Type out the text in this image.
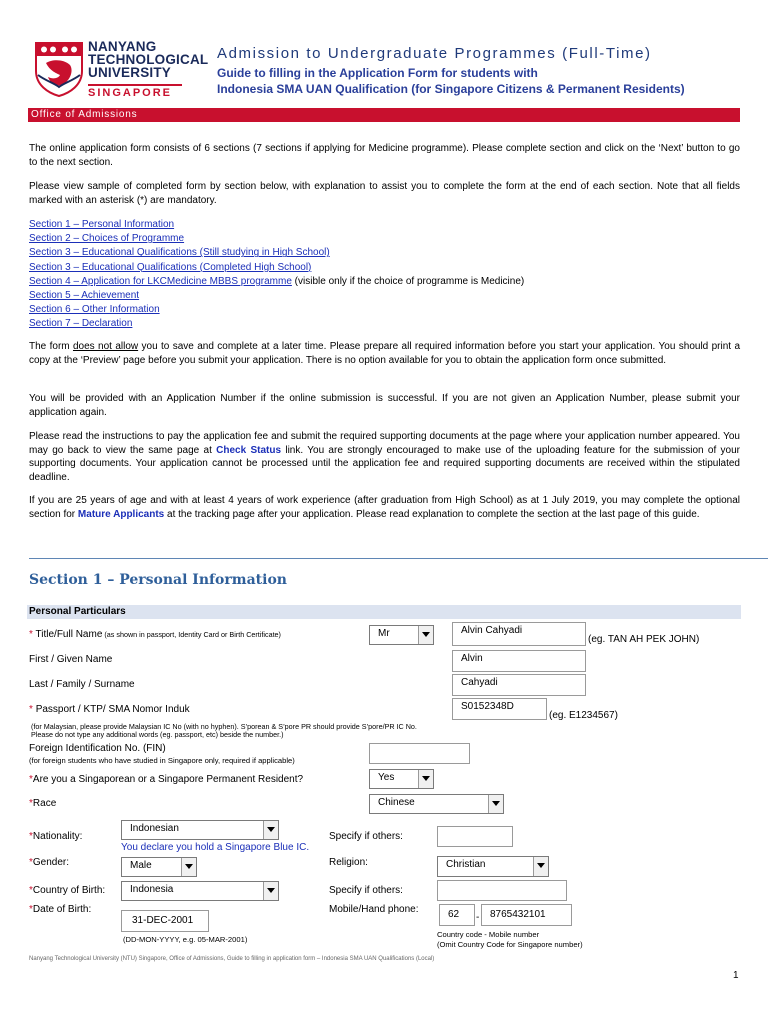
NANYANG
TECHNOLOGICAL
UNIVERSITY
SINGAPORE
Admission to Undergraduate Programmes (Full-Time)
Guide to filling in the Application Form for students with
Indonesia SMA UAN Qualification (for Singapore Citizens & Permanent Residents)
Office of Admissions
The online application form consists of 6 sections (7 sections if applying for Medicine programme). Please complete section and click on the ‘Next’ button to go to the next section.
Please view sample of completed form by section below, with explanation to assist you to complete the form at the end of each section. Note that all fields marked with an asterisk (*) are mandatory.
Section 1 – Personal Information
Section 2 – Choices of Programme
Section 3 – Educational Qualifications (Still studying in High School)
Section 3 – Educational Qualifications (Completed High School)
Section 4 – Application for LKCMedicine MBBS programme (visible only if the choice of programme is Medicine)
Section 5 – Achievement
Section 6 – Other Information
Section 7 – Declaration
The form does not allow you to save and complete at a later time. Please prepare all required information before you start your application. You should print a copy at the ‘Preview’ page before you submit your application. There is no option available for you to obtain the application form once submitted.
You will be provided with an Application Number if the online submission is successful. If you are not given an Application Number, please submit your application again.
Please read the instructions to pay the application fee and submit the required supporting documents at the page where your application number appeared. You may go back to view the same page at Check Status link. You are strongly encouraged to make use of the uploading feature for the submission of your supporting documents. Your application cannot be processed until the application fee and required supporting documents are received within the stipulated deadline.
If you are 25 years of age and with at least 4 years of work experience (after graduation from High School) as at 1 July 2019, you may complete the optional section for Mature Applicants at the tracking page after your application. Please read explanation to complete the section at the last page of this guide.
Section 1 – Personal Information
Personal Particulars
* Title/Full Name (as shown in passport, Identity Card or Birth Certificate)	Mr	Alvin Cahyadi
(eg. TAN AH PEK JOHN)
First / Given Name	Alvin
Last / Family / Surname	Cahyadi
* Passport / KTP/ SMA Nomor Induk	S0152348D
(eg. E1234567)
(for Malaysian, please provide Malaysian IC No (with no hyphen). S’porean & S’pore PR should provide S’pore/PR IC No.
Please do not type any additional words (eg. passport, etc) beside the number.)
Foreign Identification No. (FIN)
(for foreign students who have studied in Singapore only, required if applicable)
*Are you a Singaporean or a Singapore Permanent Resident?	Yes
*Race	Chinese
*Nationality:
Indonesian
You declare you hold a Singapore Blue IC.
Specify if others:
*Gender:	Male	Religion:	Christian
*Country of Birth:	Indonesia	Specify if others:
*Date of Birth:
31-DEC-2001
(DD-MON-YYYY, e.g. 05-MAR-2001)
Mobile/Hand phone:	62	-	8765432101
Country code - Mobile number
(Omit Country Code for Singapore number)
Nanyang Technological University (NTU) Singapore, Office of Admissions, Guide to filling in application form – Indonesia SMA UAN Qualifications (Local)
1
